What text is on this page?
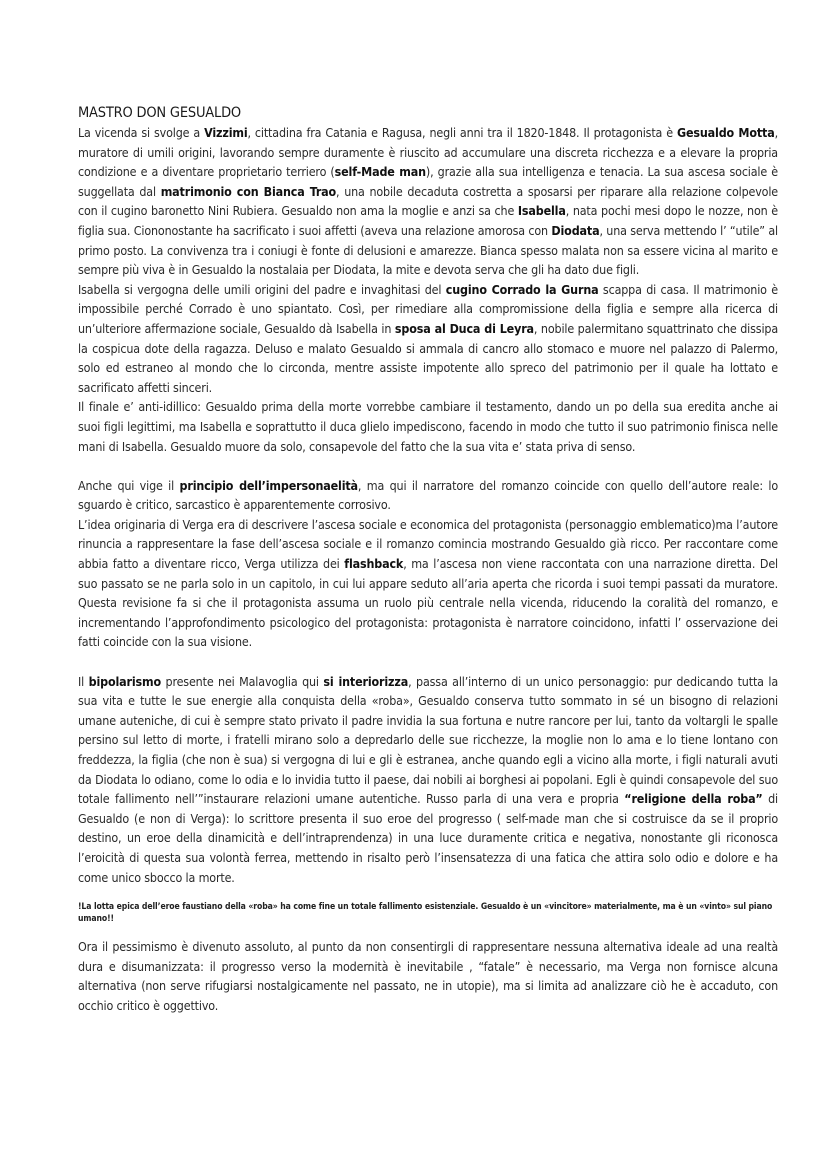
MASTRO DON GESUALDO

La vicenda si svolge a Vizzimi, cittadina fra Catania e Ragusa, negli anni tra il 1820-1848. Il protagonista è Gesualdo Motta, muratore di umili origini, lavorando sempre duramente è riuscito ad accumulare una discreta ricchezza e a elevare la propria condizione e a diventare proprietario terriero (self-Made man), grazie alla sua intelligenza e tenacia. La sua ascesa sociale è suggellata dal matrimonio con Bianca Trao, una nobile decaduta costretta a sposarsi per riparare alla relazione colpevole con il cugino baronetto Nini Rubiera. Gesualdo non ama la moglie e anzi sa che Isabella, nata pochi mesi dopo le nozze, non è figlia sua. Ciononostante ha sacrificato i suoi affetti (aveva una relazione amorosa con Diodata, una serva mettendo l’ “utile” al primo posto. La convivenza tra i coniugi è fonte di delusioni e amarezze. Bianca spesso malata non sa essere vicina al marito e sempre più viva è in Gesualdo la nostalaia per Diodata, la mite e devota serva che gli ha dato due figli.

Isabella si vergogna delle umili origini del padre e invaghitasi del cugino Corrado la Gurna scappa di casa. Il matrimonio è impossibile perché Corrado è uno spiantato. Così, per rimediare alla compromissione della figlia e sempre alla ricerca di un’ulteriore affermazione sociale, Gesualdo dà Isabella in sposa al Duca di Leyra, nobile palermitano squattrinato che dissipa la cospicua dote della ragazza. Deluso e malato Gesualdo si ammala di cancro allo stomaco e muore nel palazzo di Palermo, solo ed estraneo al mondo che lo circonda, mentre assiste impotente allo spreco del patrimonio per il quale ha lottato e sacrificato affetti sinceri.

Il finale e’ anti-idillico: Gesualdo prima della morte vorrebbe cambiare il testamento, dando un po della sua eredita anche ai suoi figli legittimi, ma Isabella e soprattutto il duca glielo impediscono, facendo in modo che tutto il suo patrimonio finisca nelle mani di Isabella. Gesualdo muore da solo, consapevole del fatto che la sua vita e’ stata priva di senso.

Anche qui vige il principio dell’impersonaelità, ma qui il narratore del romanzo coincide con quello dell’autore reale: lo sguardo è critico, sarcastico è apparentemente corrosivo.

L’idea originaria di Verga era di descrivere l’ascesa sociale e economica del protagonista (personaggio emblematico)ma l’autore rinuncia a rappresentare la fase dell’ascesa sociale e il romanzo comincia mostrando Gesualdo già ricco. Per raccontare come abbia fatto a diventare ricco, Verga utilizza dei flashback, ma l’ascesa non viene raccontata con una narrazione diretta. Del suo passato se ne parla solo in un capitolo, in cui lui appare seduto all’aria aperta che ricorda i suoi tempi passati da muratore. Questa revisione fa si che il protagonista assuma un ruolo più centrale nella vicenda, riducendo la coralità del romanzo, e incrementando l’approfondimento psicologico del protagonista: protagonista è narratore coincidono, infatti l’ osservazione dei fatti coincide con la sua visione.

Il bipolarismo presente nei Malavoglia qui si interiorizza, passa all’interno di un unico personaggio: pur dedicando tutta la sua vita e tutte le sue energie alla conquista della «roba», Gesualdo conserva tutto sommato in sé un bisogno di relazioni umane auteniche, di cui è sempre stato privato il padre invidia la sua fortuna e nutre rancore per lui, tanto da voltargli le spalle persino sul letto di morte, i fratelli mirano solo a depredarlo delle sue ricchezze, la moglie non lo ama e lo tiene lontano con freddezza, la figlia (che non è sua) si vergogna di lui e gli è estranea, anche quando egli a vicino alla morte, i figli naturali avuti da Diodata lo odiano, come lo odia e lo invidia tutto il paese, dai nobili ai borghesi ai popolani. Egli è quindi consapevole del suo totale fallimento nell’”instaurare relazioni umane autentiche. Russo parla di una vera e propria “religione della roba” di Gesualdo (e non di Verga): lo scrittore presenta il suo eroe del progresso ( self-made man che si costruisce da se il proprio destino, un eroe della dinamicità e dell’intraprendenza) in una luce duramente critica e negativa, nonostante gli riconosca l’eroicità di questa sua volontà ferrea, mettendo in risalto però l’insensatezza di una fatica che attira solo odio e dolore e ha come unico sbocco la morte.

!La lotta epica dell’eroe faustiano della «roba» ha come fine un totale fallimento esistenziale. Gesualdo è un «vincitore» materialmente, ma è un «vinto» sul piano umano!!

Ora il pessimismo è divenuto assoluto, al punto da non consentirgli di rappresentare nessuna alternativa ideale ad una realtà dura e disumanizzata: il progresso verso la modernità è inevitabile , “fatale” è necessario, ma Verga non fornisce alcuna alternativa (non serve rifugiarsi nostalgicamente nel passato, ne in utopie), ma si limita ad analizzare ciò he è accaduto, con occhio critico è oggettivo.
